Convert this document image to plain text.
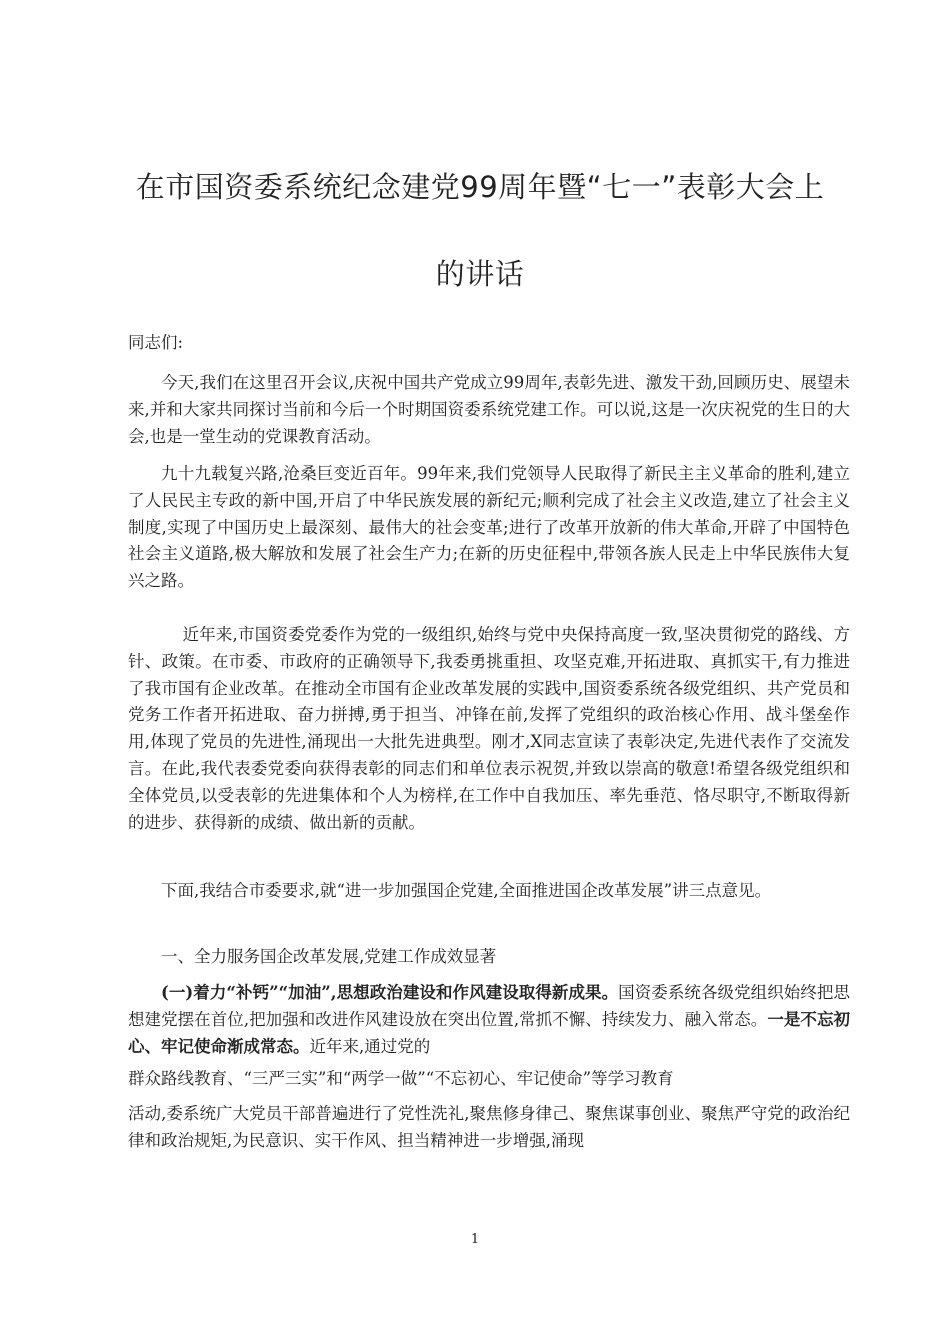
在市国资委系统纪念建党99周年暨“七一”表彰大会上
的讲话
同志们:

今天,我们在这里召开会议,庆祝中国共产党成立99周年,表彰先进、激发干劲,回顾历史、展望未来,并和大家共同探讨当前和今后一个时期国资委系统党建工作。可以说,这是一次庆祝党的生日的大会,也是一堂生动的党课教育活动。

九十九载复兴路,沧桑巨变近百年。99年来,我们党领导人民取得了新民主主义革命的胜利,建立了人民民主专政的新中国,开启了中华民族发展的新纪元;顺利完成了社会主义改造,建立了社会主义制度,实现了中国历史上最深刻、最伟大的社会变革;进行了改革开放新的伟大革命,开辟了中国特色社会主义道路,极大解放和发展了社会生产力;在新的历史征程中,带领各族人民走上中华民族伟大复兴之路。

近年来,市国资委党委作为党的一级组织,始终与党中央保持高度一致,坚决贯彻党的路线、方针、政策。在市委、市政府的正确领导下,我委勇挑重担、攻坚克难,开拓进取、真抓实干,有力推进了我市国有企业改革。在推动全市国有企业改革发展的实践中,国资委系统各级党组织、共产党员和党务工作者开拓进取、奋力拼搏,勇于担当、冲锋在前,发挥了党组织的政治核心作用、战斗堡垒作用,体现了党员的先进性,涌现出一大批先进典型。刚才,X同志宣读了表彰决定,先进代表作了交流发言。在此,我代表委党委向获得表彰的同志们和单位表示祝贺,并致以崇高的敬意!希望各级党组织和全体党员,以受表彰的先进集体和个人为榜样,在工作中自我加压、率先垂范、恪尽职守,不断取得新的进步、获得新的成绩、做出新的贡献。

下面,我结合市委要求,就“进一步加强国企党建,全面推进国企改革发展”讲三点意见。

一、全力服务国企改革发展,党建工作成效显著

(一)着力“补钙”“加油”,思想政治建设和作风建设取得新成果。国资委系统各级党组织始终把思想建党摆在首位,把加强和改进作风建设放在突出位置,常抓不懈、持续发力、融入常态。一是不忘初心、牢记使命渐成常态。近年来,通过党的

群众路线教育、“三严三实”和“两学一做”“不忘初心、牢记使命”等学习教育

活动,委系统广大党员干部普遍进行了党性洗礼,聚焦修身律己、聚焦谋事创业、聚焦严守党的政治纪律和政治规矩,为民意识、实干作风、担当精神进一步增强,涌现

1
